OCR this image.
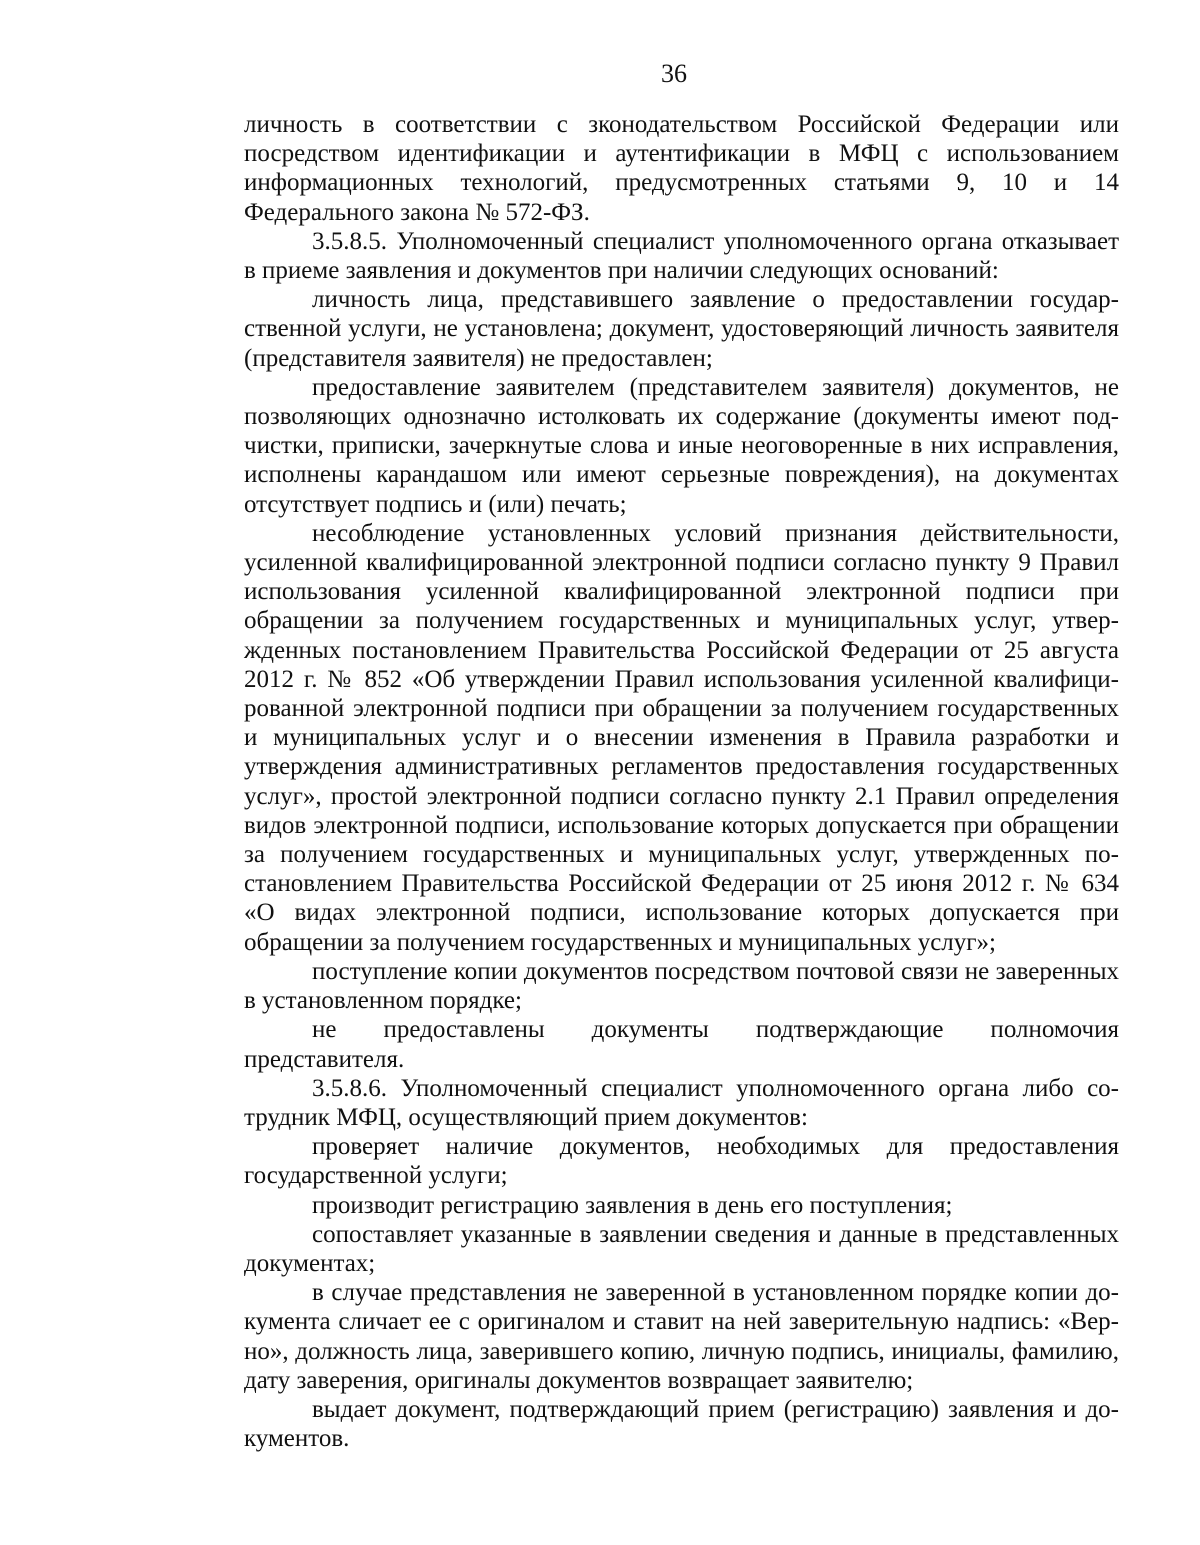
36

личность в соответствии с зконодательством Российской Федерации или посредством идентификации и аутентификации в МФЦ с использованием информационных технологий, предусмотренных статьями 9, 10 и 14 Федерального закона № 572-ФЗ.

3.5.8.5. Уполномоченный специалист уполномоченного органа отказывает в приеме заявления и документов при наличии следующих оснований:

личность лица, представившего заявление о предоставлении государственной услуги, не установлена; документ, удостоверяющий личность заявителя (представителя заявителя) не предоставлен;

предоставление заявителем (представителем заявителя) документов, не позволяющих однозначно истолковать их содержание (документы имеют подчистки, приписки, зачеркнутые слова и иные неоговоренные в них исправления, исполнены карандашом или имеют серьезные повреждения), на документах отсутствует подпись и (или) печать;

несоблюдение установленных условий признания действительности, усиленной квалифицированной электронной подписи согласно пункту 9 Правил использования усиленной квалифицированной электронной подписи при обращении за получением государственных и муниципальных услуг, утвержденных постановлением Правительства Российской Федерации от 25 августа 2012 г. № 852 «Об утверждении Правил использования усиленной квалифицированной электронной подписи при обращении за получением государственных и муниципальных услуг и о внесении изменения в Правила разработки и утверждения административных регламентов предоставления государственных услуг», простой электронной подписи согласно пункту 2.1 Правил определения видов электронной подписи, использование которых допускается при обращении за получением государственных и муниципальных услуг, утвержденных постановлением Правительства Российской Федерации от 25 июня 2012 г. № 634 «О видах электронной подписи, использование которых допускается при обращении за получением государственных и муниципальных услуг»;

поступление копии документов посредством почтовой связи не заверенных в установленном порядке;

не предоставлены документы подтверждающие полномочия представителя.

3.5.8.6. Уполномоченный специалист уполномоченного органа либо сотрудник МФЦ, осуществляющий прием документов:

проверяет наличие документов, необходимых для предоставления государственной услуги;

производит регистрацию заявления в день его поступления;

сопоставляет указанные в заявлении сведения и данные в представленных документах;

в случае представления не заверенной в установленном порядке копии документа сличает ее с оригиналом и ставит на ней заверительную надпись: «Верно», должность лица, заверившего копию, личную подпись, инициалы, фамилию, дату заверения, оригиналы документов возвращает заявителю;

выдает документ, подтверждающий прием (регистрацию) заявления и документов.
